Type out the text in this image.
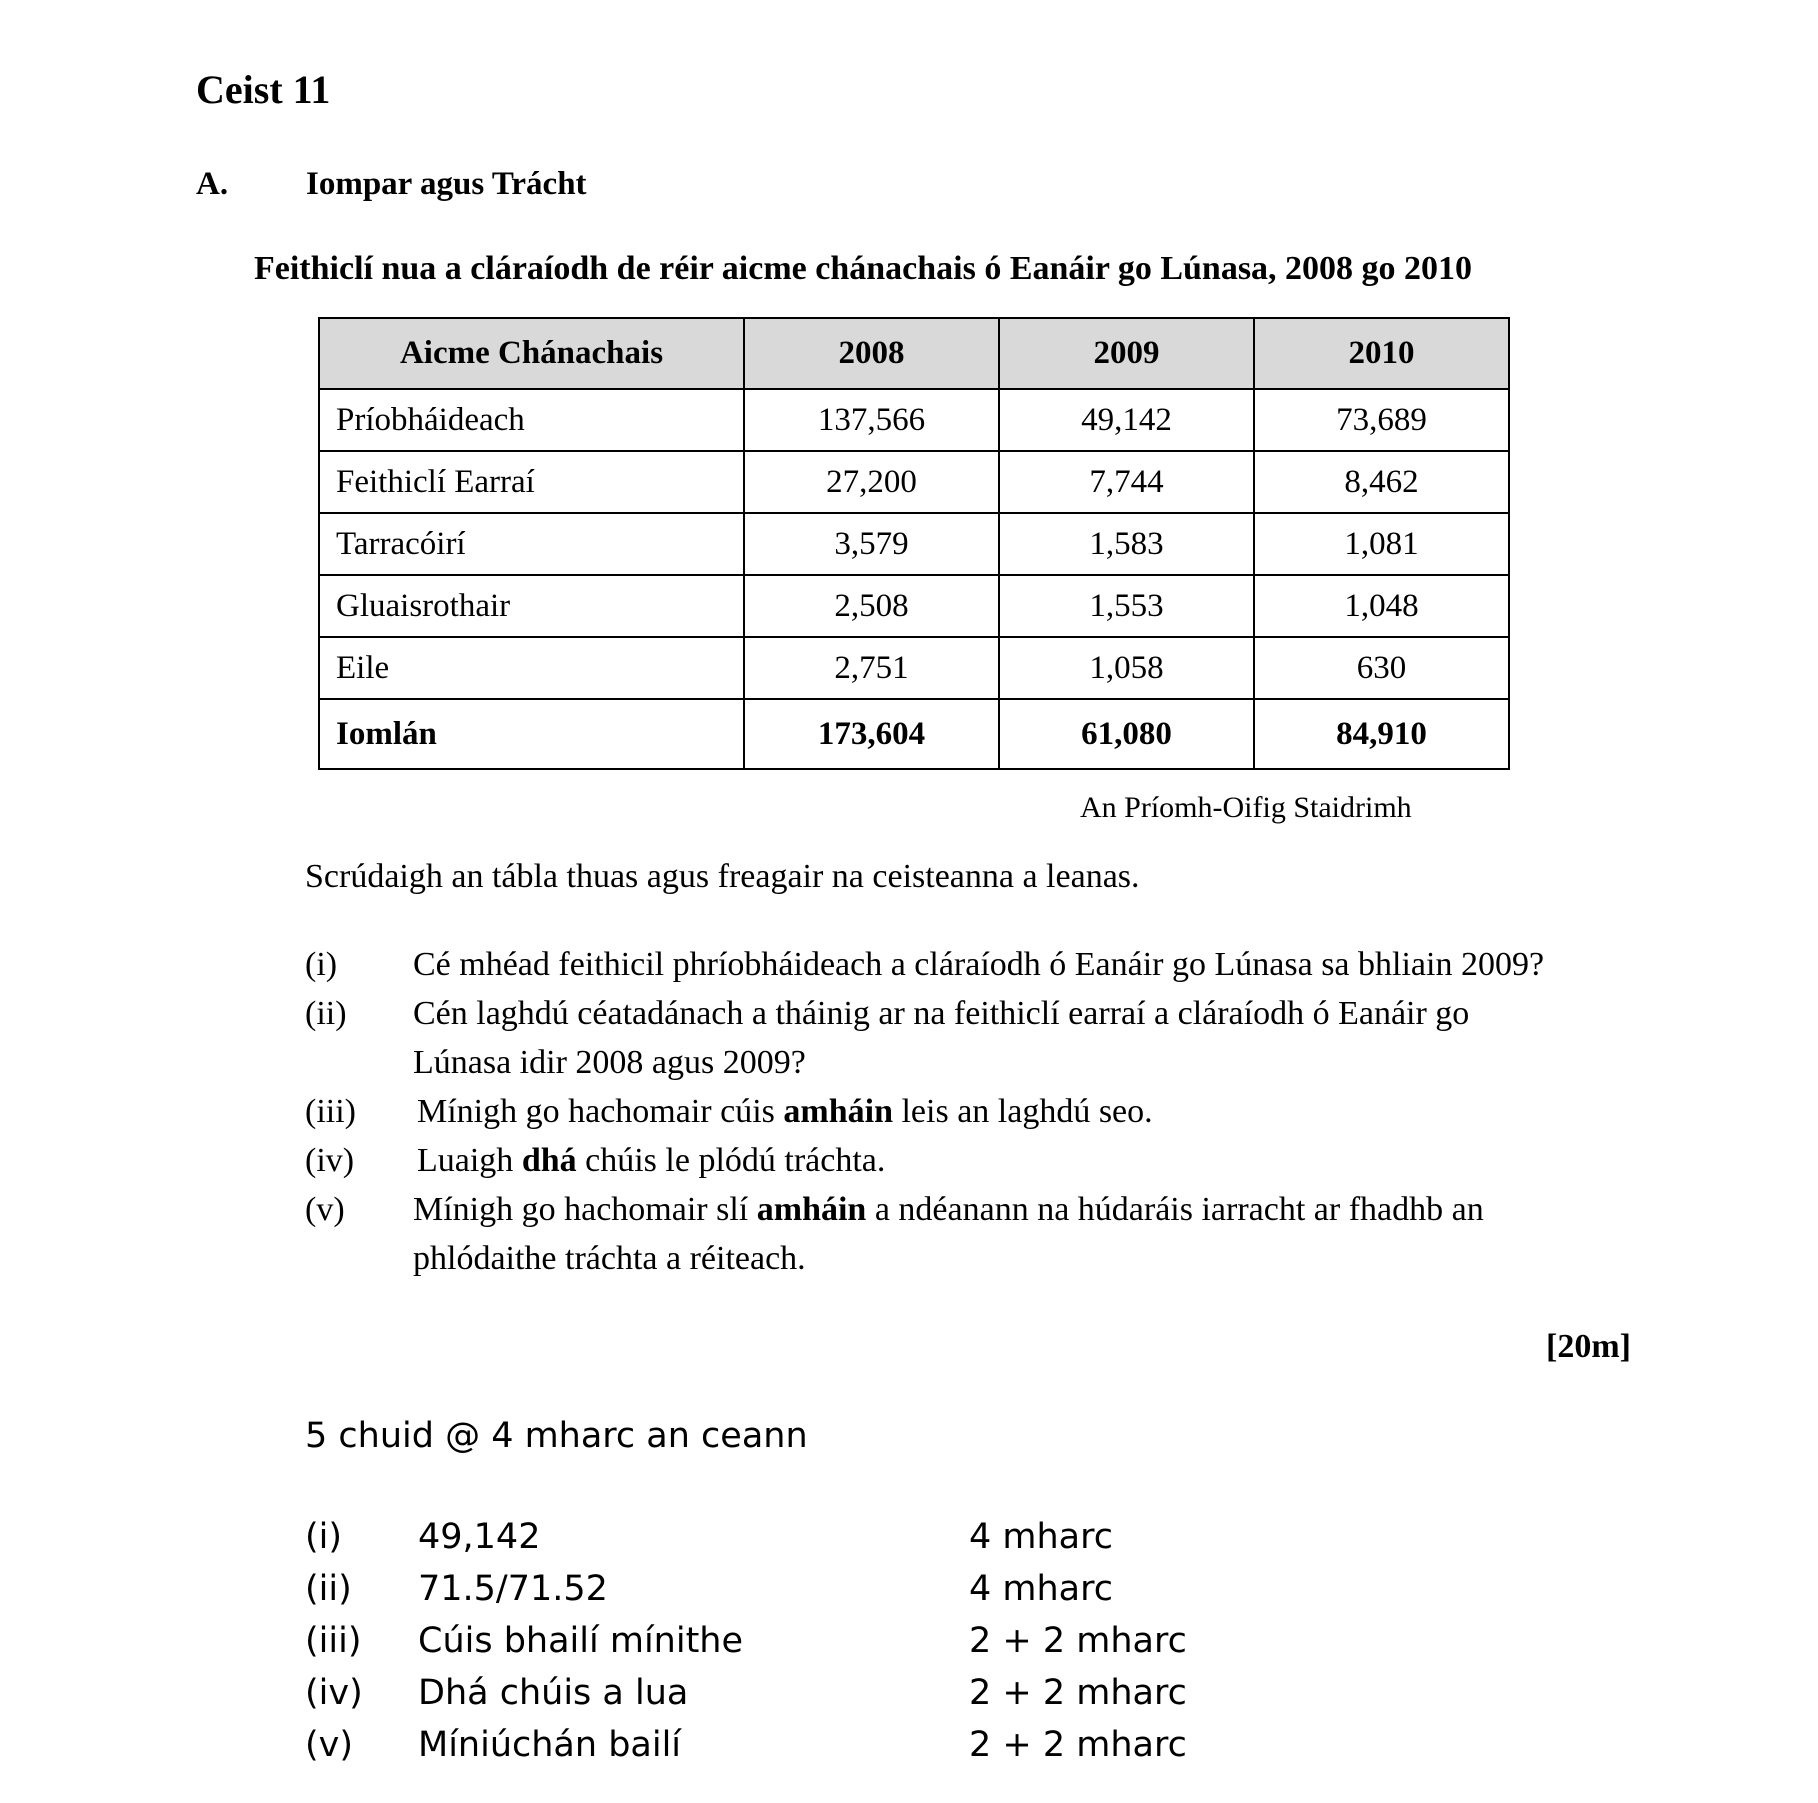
Ceist 11
A. Iompar agus Trácht
Feithiclí nua a cláraíodh de réir aicme chánachais ó Eanáir go Lúnasa, 2008 go 2010
Aicme Chánachais	2008	2009	2010
Príobháideach	137,566	49,142	73,689
Feithiclí Earraí	27,200	7,744	8,462
Tarracóirí	3,579	1,583	1,081
Gluaisrothair	2,508	1,553	1,048
Eile	2,751	1,058	630
Iomlán	173,604	61,080	84,910
An Príomh-Oifig Staidrimh
Scrúdaigh an tábla thuas agus freagair na ceisteanna a leanas.
(i) Cé mhéad feithicil phríobháideach a cláraíodh ó Eanáir go Lúnasa sa bhliain 2009?
(ii) Cén laghdú céatadánach a tháinig ar na feithiclí earraí a cláraíodh ó Eanáir go
Lúnasa idir 2008 agus 2009?
(iii) Mínigh go hachomair cúis amháin leis an laghdú seo.
(iv) Luaigh dhá chúis le plódú tráchta.
(v) Mínigh go hachomair slí amháin a ndéanann na húdaráis iarracht ar fhadhb an
phlódaithe tráchta a réiteach.
[20m]
5 chuid @ 4 mharc an ceann
(i) 49,142	4 mharc
(ii) 71.5/71.52	4 mharc
(iii) Cúis bhailí mínithe	2 + 2 mharc
(iv) Dhá chúis a lua	2 + 2 mharc
(v) Míniúchán bailí	2 + 2 mharc
